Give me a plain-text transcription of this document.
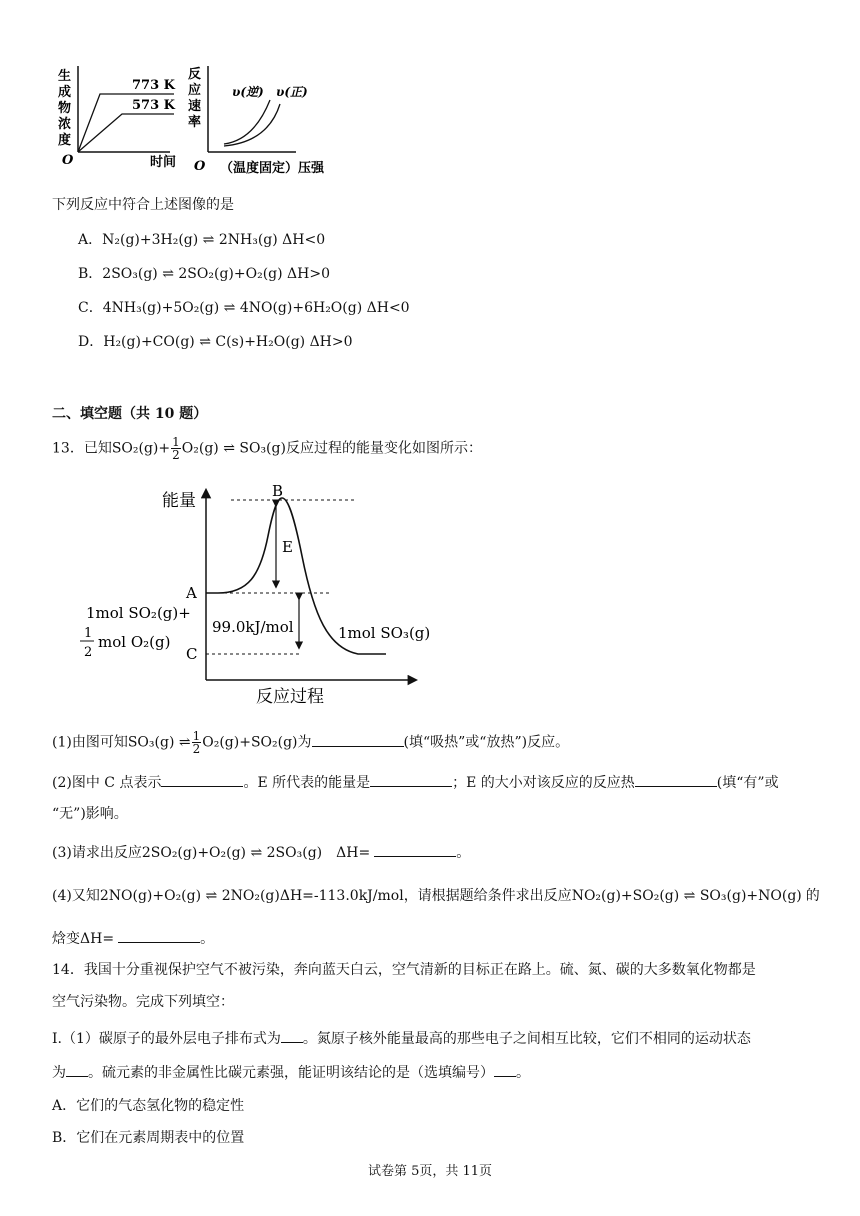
生
成
物
浓
度
773 K
573 K
O	时间
反
应
速
率
υ(逆) υ(正)
O （温度固定）压强
下列反应中符合上述图像的是
A．N₂(g)+3H₂(g) ⇌ 2NH₃(g) ΔH<0
B．2SO₃(g) ⇌ 2SO₂(g)+O₂(g) ΔH>0
C．4NH₃(g)+5O₂(g) ⇌ 4NO(g)+6H₂O(g) ΔH<0
D．H₂(g)+CO(g) ⇌ C(s)+H₂O(g) ΔH>0
二、填空题（共 10 题）
13．已知$SO_2(g)+ \frac{1}{2} O_2(g)$ ⇌ SO₃(g)反应过程的能量变化如图所示：
能量
反应过程
E
99.0kJ/mol
B
A
C
1mol SO₂(g)+
1
2
mol O₂(g)	1mol SO₃(g)
(1)由图可知SO₃(g) ⇌ $\frac{1}{2} O_2(g)+SO_2(g)$为	(填“吸热”或“放热”)反应。
(2)图中 C 点表示	。E 所代表的能量是	；E 的大小对该反应的反应热	(填“有”或
“无”)影响。
(3)请求出反应2SO₂(g)+O₂(g) ⇌ 2SO₃(g)　ΔH=	。
(4)又知2NO(g)+O₂(g) ⇌ 2NO₂(g)ΔH=-113.0kJ/mol，请根据题给条件求出反应NO₂(g)+SO₂(g) ⇌ SO₃(g)+NO(g) 的
焓变ΔH=	。
14．我国十分重视保护空气不被污染，奔向蓝天白云，空气清新的目标正在路上。硫、氮、碳的大多数氧化物都是
空气污染物。完成下列填空：
I.（1）碳原子的最外层电子排布式为 。氮原子核外能量最高的那些电子之间相互比较，它们不相同的运动状态
为 。硫元素的非金属性比碳元素强，能证明该结论的是（选填编号） 。
A．它们的气态氢化物的稳定性
B．它们在元素周期表中的位置
试卷第 5页，共 11页
